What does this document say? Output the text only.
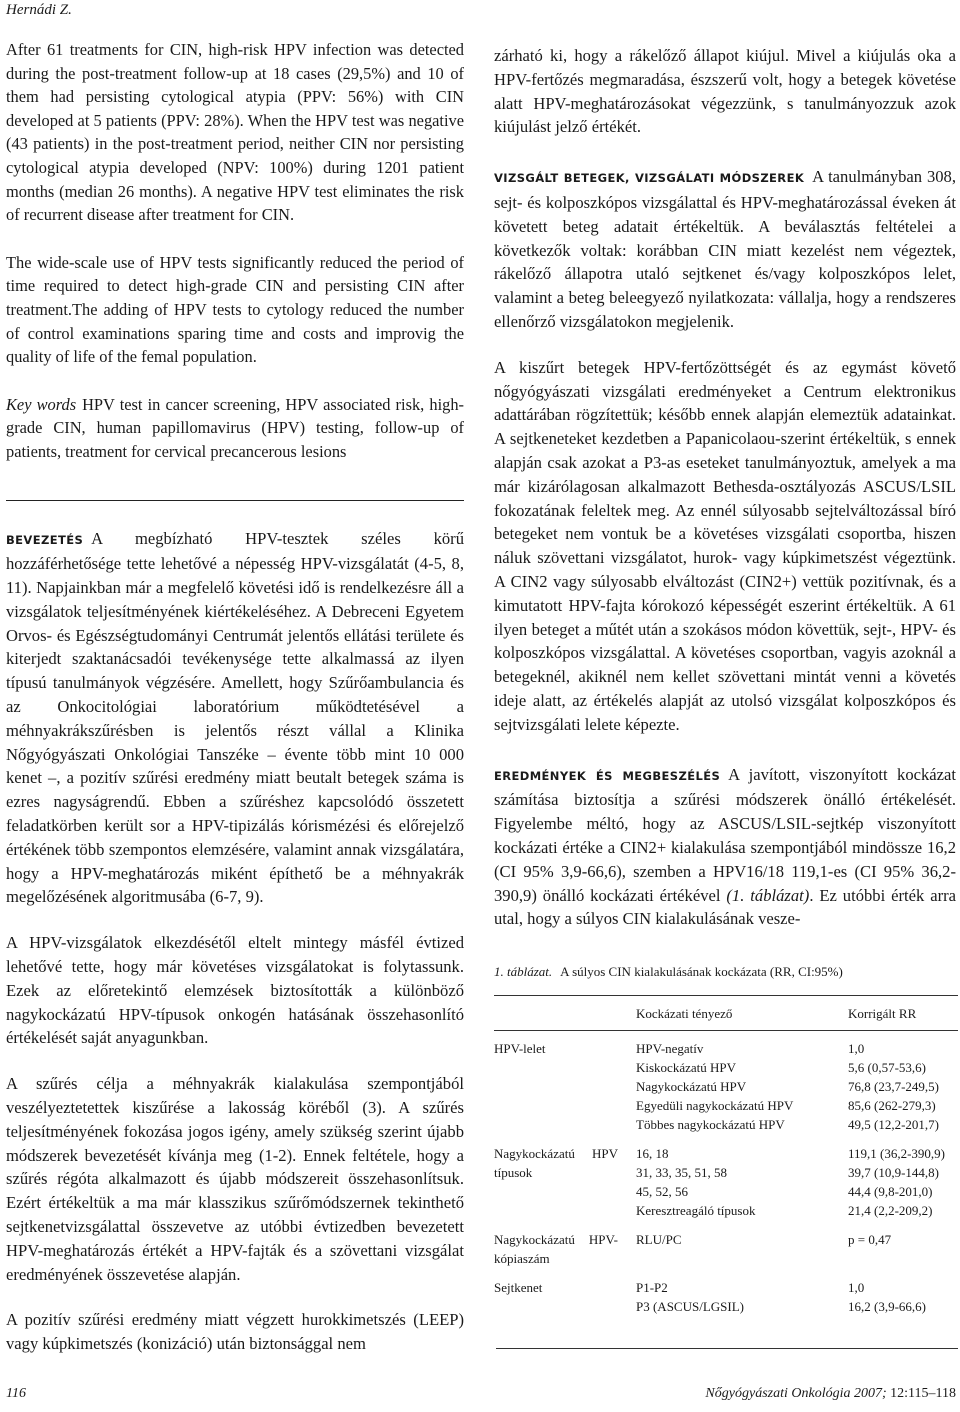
Hernádi Z.

After 61 treatments for CIN, high-risk HPV infection was detected during the post-treatment follow-up at 18 cases (29,5%) and 10 of them had persisting cytological atypia (PPV: 56%) with CIN developed at 5 patients (PPV: 28%). When the HPV test was negative (43 patients) in the post-treatment period, neither CIN nor persisting cytological atypia developed (NPV: 100%) during 1201 patient months (median 26 months). A negative HPV test eliminates the risk of recurrent disease after treatment for CIN.

The wide-scale use of HPV tests significantly reduced the period of time required to detect high-grade CIN and persisting CIN after treatment.The adding of HPV tests to cytology reduced the number of control examinations sparing time and costs and improvig the quality of life of the femal population.

Key words HPV test in cancer screening, HPV associated risk, high-grade CIN, human papillomavirus (HPV) testing, follow-up of patients, treatment for cervical precancerous lesions

BEVEZETÉS A megbízható HPV-tesztek széles körű hozzáférhetősége tette lehetővé a népesség HPV-vizsgálatát (4-5, 8, 11). Napjainkban már a megfelelő követési idő is rendelkezésre áll a vizsgálatok teljesítményének kiértékeléséhez. A Debreceni Egyetem Orvos- és Egészségtudományi Centrumát jelentős ellátási területe és kiterjedt szaktanácsadói tevékenysége tette alkalmassá az ilyen típusú tanulmányok végzésére. Amellett, hogy Szűrőambulancia és az Onkocitológiai laboratórium működtetésével a méhnyakrákszűrésben is jelentős részt vállal a Klinika Nőgyógyászati Onkológiai Tanszéke – évente több mint 10 000 kenet –, a pozitív szűrési eredmény miatt beutalt betegek száma is ezres nagyságrendű. Ebben a szűréshez kapcsolódó összetett feladatkörben került sor a HPV-tipizálás kórismézési és előrejelző értékének több szempontos elemzésére, valamint annak vizsgálatára, hogy a HPV-meghatározás miként építhető be a méhnyakrák megelőzésének algoritmusába (6-7, 9).

A HPV-vizsgálatok elkezdésétől eltelt mintegy másfél évtized lehetővé tette, hogy már követéses vizsgálatokat is folytassunk. Ezek az előretekintő elemzések biztosították a különböző nagykockázatú HPV-típusok onkogén hatásának összehasonlító értékelését saját anyagunkban.

A szűrés célja a méhnyakrák kialakulása szempontjából veszélyeztetettek kiszűrése a lakosság köréből (3). A szűrés teljesítményének fokozása jogos igény, amely szükség szerint újabb módszerek bevezetését kívánja meg (1-2). Ennek feltétele, hogy a szűrés régóta alkalmazott és újabb módszereit összehasonlítsuk. Ezért értékeltük a ma már klasszikus szűrőmódszernek tekinthető sejtkenetvizsgálattal összevetve az utóbbi évtizedben bevezetett HPV-meghatározás értékét a HPV-fajták és a szövettani vizsgálat eredményének összevetése alapján.

A pozitív szűrési eredmény miatt végzett hurokkimetszés (LEEP) vagy kúpkimetszés (konizáció) után biztonsággal nem

zárható ki, hogy a rákelőző állapot kiújul. Mivel a kiújulás oka a HPV-fertőzés megmaradása, észszerű volt, hogy a betegek követése alatt HPV-meghatározásokat végezzünk, s tanulmányozzuk azok kiújulást jelző értékét.

VIZSGÁLT BETEGEK, VIZSGÁLATI MÓDSZEREK A tanulmányban 308, sejt- és kolposzkópos vizsgálattal és HPV-meghatározással éveken át követett beteg adatait értékeltük. A beválasztás feltételei a következők voltak: korábban CIN miatt kezelést nem végeztek, rákelőző állapotra utaló sejtkenet és/vagy kolposzkópos lelet, valamint a beteg beleegyező nyilatkozata: vállalja, hogy a rendszeres ellenőrző vizsgálatokon megjelenik.

A kiszűrt betegek HPV-fertőzöttségét és az egymást követő nőgyógyászati vizsgálati eredményeket a Centrum elektronikus adattárában rögzítettük; később ennek alapján elemeztük adatainkat. A sejtkeneteket kezdetben a Papanicolaou-szerint értékeltük, s ennek alapján csak azokat a P3-as eseteket tanulmányoztuk, amelyek a ma már kizárólagosan alkalmazott Bethesda-osztályozás ASCUS/LSIL fokozatának feleltek meg. Az ennél súlyosabb sejtelváltozással bíró betegeket nem vontuk be a követéses vizsgálati csoportba, hiszen náluk szövettani vizsgálatot, hurok- vagy kúpkimetszést végeztünk. A CIN2 vagy súlyosabb elváltozást (CIN2+) vettük pozitívnak, és a kimutatott HPV-fajta kórokozó képességét eszerint értékeltük. A 61 ilyen beteget a műtét után a szokásos módon követtük, sejt-, HPV- és kolposzkópos vizsgálattal. A követéses csoportban, vagyis azoknál a betegeknél, akiknél nem kellet szövettani mintát venni a követés ideje alatt, az értékelés alapját az utolsó vizsgálat kolposzkópos és sejtvizsgálati lelete képezte.

EREDMÉNYEK ÉS MEGBESZÉLÉS A javított, viszonyított kockázat számítása biztosítja a szűrési módszerek önálló értékelését. Figyelembe méltó, hogy az ASCUS/LSIL-sejtkép viszonyított kockázati értéke a CIN2+ kialakulása szempontjából mindössze 16,2 (CI 95% 3,9-66,6), szemben a HPV16/18 119,1-es (CI 95% 36,2-390,9) önálló kockázati értékével (1. táblázat). Ez utóbbi érték arra utal, hogy a súlyos CIN kialakulásának vesze-

1. táblázat. A súlyos CIN kialakulásának kockázata (RR, CI:95%)
	Kockázati tényező	Korrigált RR

HPV-lelet	HPV-negatív	1,0
	Kiskockázatú HPV	5,6 (0,57-53,6)
	Nagykockázatú HPV	76,8 (23,7-249,5)
	Egyedüli nagykockázatú HPV	85,6 (262-279,3)
	Többes nagykockázatú HPV	49,5 (12,2-201,7)

Nagykockázatú HPV típusok	16, 18	119,1 (36,2-390,9)
	31, 33, 35, 51, 58	39,7 (10,9-144,8)
	45, 52, 56	44,4 (9,8-201,0)
	Keresztreagáló típusok	21,4 (2,2-209,2)

Nagykockázatú HPV-kópiaszám	RLU/PC	p = 0,47

Sejtkenet	P1-P2	1,0
	P3 (ASCUS/LGSIL)	16,2 (3,9-66,6)
116	Nőgyógyászati Onkológia 2007; 12:115–118
